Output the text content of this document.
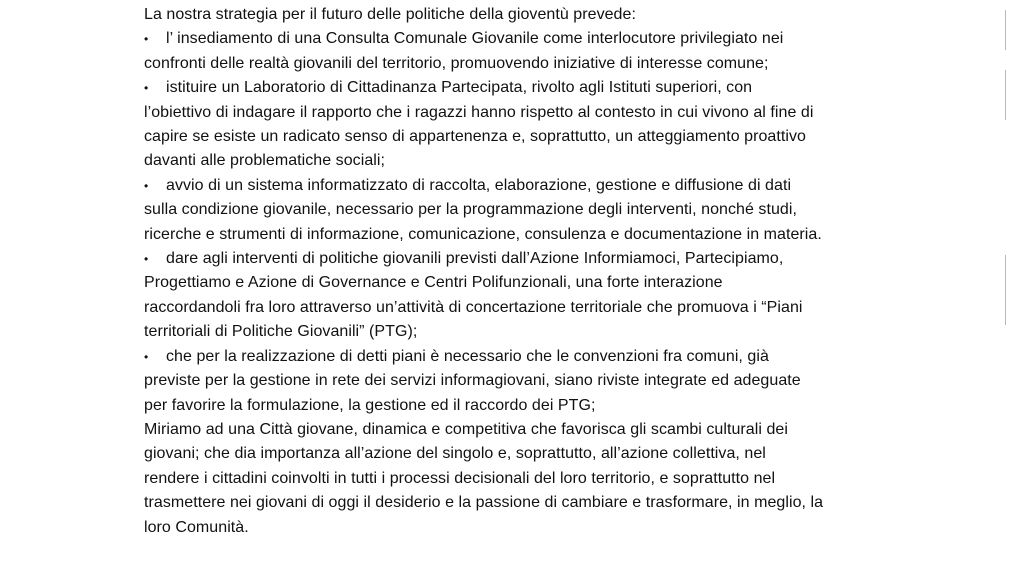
La nostra strategia per il futuro delle politiche della gioventù prevede:
• l’ insediamento di una Consulta Comunale Giovanile come interlocutore privilegiato nei
confronti delle realtà giovanili del territorio, promuovendo iniziative di interesse comune;
• istituire un Laboratorio di Cittadinanza Partecipata, rivolto agli Istituti superiori, con
l’obiettivo di indagare il rapporto che i ragazzi hanno rispetto al contesto in cui vivono al fine di
capire se esiste un radicato senso di appartenenza e, soprattutto, un atteggiamento proattivo
davanti alle problematiche sociali;
• avvio di un sistema informatizzato di raccolta, elaborazione, gestione e diffusione di dati
sulla condizione giovanile, necessario per la programmazione degli interventi, nonché studi,
ricerche e strumenti di informazione, comunicazione, consulenza e documentazione in materia.
• dare agli interventi di politiche giovanili previsti dall’Azione Informiamoci, Partecipiamo,
Progettiamo e Azione di Governance e Centri Polifunzionali, una forte interazione
raccordandoli fra loro attraverso un’attività di concertazione territoriale che promuova i “Piani
territoriali di Politiche Giovanili” (PTG);
• che per la realizzazione di detti piani è necessario che le convenzioni fra comuni, già
previste per la gestione in rete dei servizi informagiovani, siano riviste integrate ed adeguate
per favorire la formulazione, la gestione ed il raccordo dei PTG;
Miriamo ad una Città giovane, dinamica e competitiva che favorisca gli scambi culturali dei
giovani; che dia importanza all’azione del singolo e, soprattutto, all’azione collettiva, nel
rendere i cittadini coinvolti in tutti i processi decisionali del loro territorio, e soprattutto nel
trasmettere nei giovani di oggi il desiderio e la passione di cambiare e trasformare, in meglio, la
loro Comunità.
